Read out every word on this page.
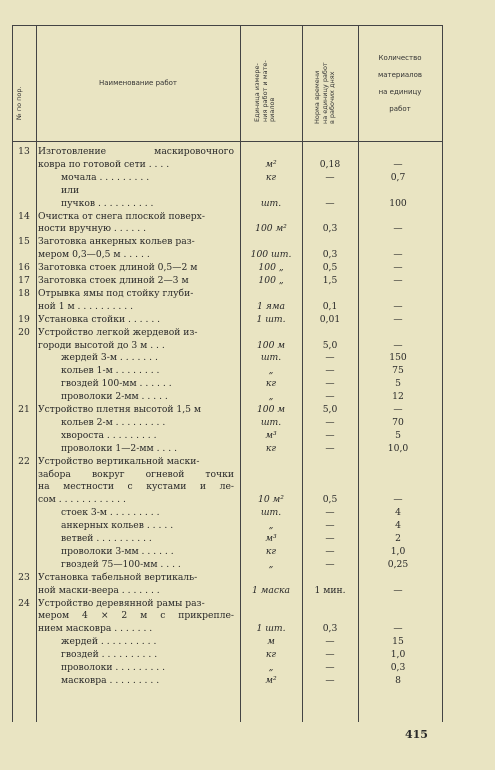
№ по пор.
Наименование работ	Единица измере- ния работ и мате- риалов	Норма времени на единицу работ в рабочих днях
Количество
материалов
на единицу
работ
13 Изготовление маскировочного
ковра по готовой сети . . . .	м²	0,18	—
мочала . . . . . . . . .	кг	—	0,7
или
пучков . . . . . . . . . .	шт.	—	100
14 Очистка от снега плоской поверх-
ности вручную . . . . . .	100 м²	0,3	—
15 Заготовка анкерных кольев раз-
мером 0,3—0,5 м . . . . .	100 шт.	0,3	—
16 Заготовка стоек длиной 0,5—2 м	100 „	0,5	—
17 Заготовка стоек длиной 2—3 м	100 „	1,5	—
18 Отрывка ямы под стойку глуби-
ной 1 м . . . . . . . . . .	1 яма	0,1	—
19 Установка стойки . . . . . .	1 шт.	0,01	—
20 Устройство легкой жердевой из-
городи высотой до 3 м . . .	100 м	5,0	—
жердей 3-м . . . . . . .	шт.	—	150
кольев 1-м . . . . . . . .	„	—	75
гвоздей 100-мм . . . . . .	кг	—	5
проволоки 2-мм . . . . .	„	—	12
21 Устройство плетня высотой 1,5 м	100 м	5,0	—
кольев 2-м . . . . . . . . .	шт.	—	70
хвороста . . . . . . . . .	м³	—	5
проволоки 1—2-мм . . . .	кг	—	10,0
22 Устройство вертикальной маски-
забора вокруг огневой точки
на местности с кустами и ле-
сом . . . . . . . . . . . .	10 м²	0,5	—
стоек 3-м . . . . . . . . .	шт.	—	4
анкерных кольев . . . . .	„	—	4
ветвей . . . . . . . . . .	м³	—	2
проволоки 3-мм . . . . . .	кг	—	1,0
гвоздей 75—100-мм . . . .	„	—	0,25
23 Установка табельной вертикаль-
ной маски-веера . . . . . . .	1 маска	1 мин.	—
24 Устройство деревянной рамы раз-
мером 4 × 2 м с прикрепле-
нием масковра . . . . . . .	1 шт.	0,3	—
жердей . . . . . . . . . .	м	—	15
гвоздей . . . . . . . . . .	кг	—	1,0
проволоки . . . . . . . . .	„	—	0,3
масковра . . . . . . . . .	м²	—	8
415
